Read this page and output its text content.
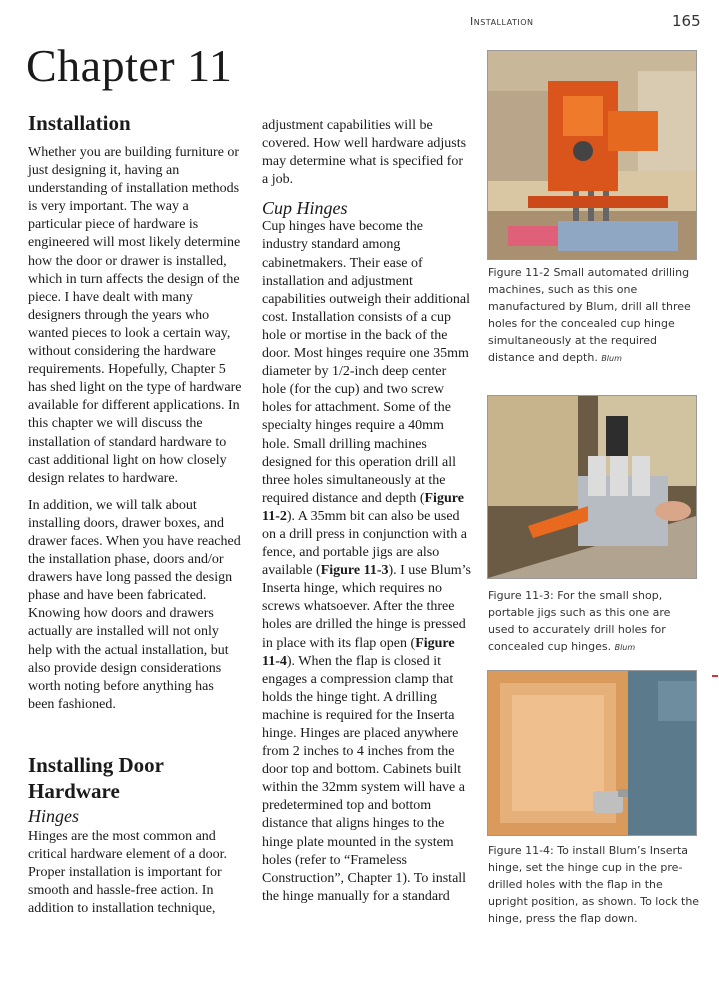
Installation	165
Chapter 11
Installation

Whether you are building furniture or just designing it, having an understanding of installation methods is very important. The way a particular piece of hardware is engineered will most likely determine how the door or drawer is installed, which in turn affects the design of the piece. I have dealt with many designers through the years who wanted pieces to look a certain way, without considering the hardware requirements. Hopefully, Chapter 5 has shed light on the type of hardware available for different applications. In this chapter we will discuss the installation of standard hardware to cast additional light on how closely design relates to hardware.

In addition, we will talk about installing doors, drawer boxes, and drawer faces. When you have reached the installation phase, doors and/or drawers have long passed the design phase and have been fabricated. Knowing how doors and drawers actually are installed will not only help with the actual installation, but also provide design considerations worth noting before anything has been fashioned.

Installing Door Hardware
Hinges

Hinges are the most common and critical hardware element of a door. Proper installation is important for smooth and hassle-free action. In addition to installation technique,

adjustment capabilities will be covered. How well hardware adjusts may determine what is specified for a job.

Cup Hinges

Cup hinges have become the industry standard among cabinetmakers. Their ease of installation and adjustment capabilities outweigh their additional cost. Installation consists of a cup hole or mortise in the back of the door. Most hinges require one 35mm diameter by 1/2-inch deep center hole (for the cup) and two screw holes for attachment. Some of the specialty hinges require a 40mm hole. Small drilling machines designed for this operation drill all three holes simultaneously at the required distance and depth (Figure 11-2). A 35mm bit can also be used on a drill press in conjunction with a fence, and portable jigs are also available (Figure 11-3). I use Blum’s Inserta hinge, which requires no screws whatsoever. After the three holes are drilled the hinge is pressed in place with its flap open (Figure 11-4). When the flap is closed it engages a compression clamp that holds the hinge tight. A drilling machine is required for the Inserta hinge. Hinges are placed anywhere from 2 inches to 4 inches from the door top and bottom. Cabinets built within the 32mm system will have a predetermined top and bottom distance that aligns hinges to the hinge plate mounted in the system holes (refer to “Frameless Construction”, Chapter 1). To install the hinge manually for a standard

Figure 11-2 Small automated drilling machines, such as this one manufactured by Blum, drill all three holes for the concealed cup hinge simultaneously at the required distance and depth. Blum
Figure 11-3: For the small shop, portable jigs such as this one are used to accurately drill holes for concealed cup hinges. Blum
Figure 11-4: To install Blum’s Inserta hinge, set the hinge cup in the pre-drilled holes with the flap in the upright position, as shown. To lock the hinge, press the flap down.
